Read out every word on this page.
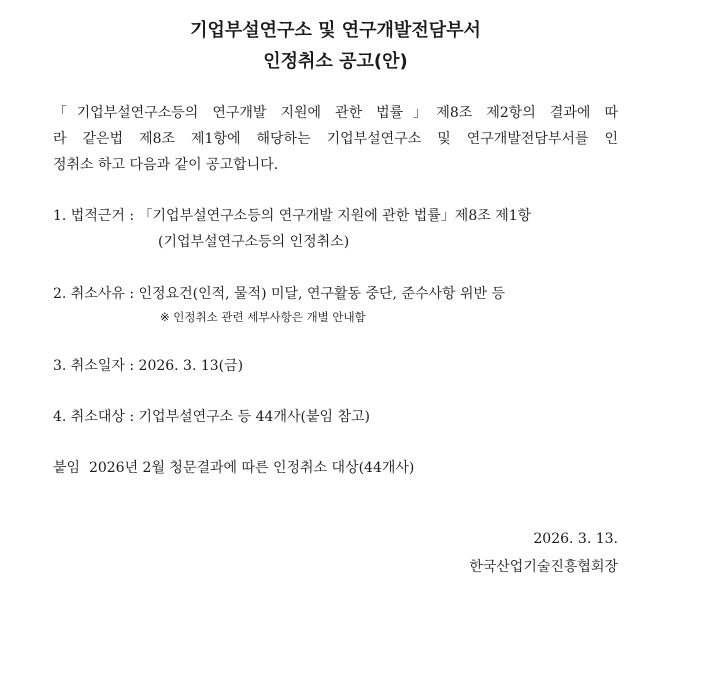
기업부설연구소 및 연구개발전담부서
인정취소 공고(안)
「기업부설연구소등의 연구개발 지원에 관한 법률」제8조 제2항의 결과에 따
라 같은법 제8조 제1항에 해당하는 기업부설연구소 및 연구개발전담부서를 인
정취소 하고 다음과 같이 공고합니다.
1. 법적근거 : 「기업부설연구소등의 연구개발 지원에 관한 법률」제8조 제1항
(기업부설연구소등의 인정취소)
2. 취소사유 : 인정요건(인적, 물적) 미달, 연구활동 중단, 준수사항 위반 등
※ 인정취소 관련 세부사항은 개별 안내함
3. 취소일자 : 2026. 3. 13(금)
4. 취소대상 : 기업부설연구소 등 44개사(붙임 참고)
붙임  2026년 2월 청문결과에 따른 인정취소 대상(44개사)
2026. 3. 13.
한국산업기술진흥협회장
